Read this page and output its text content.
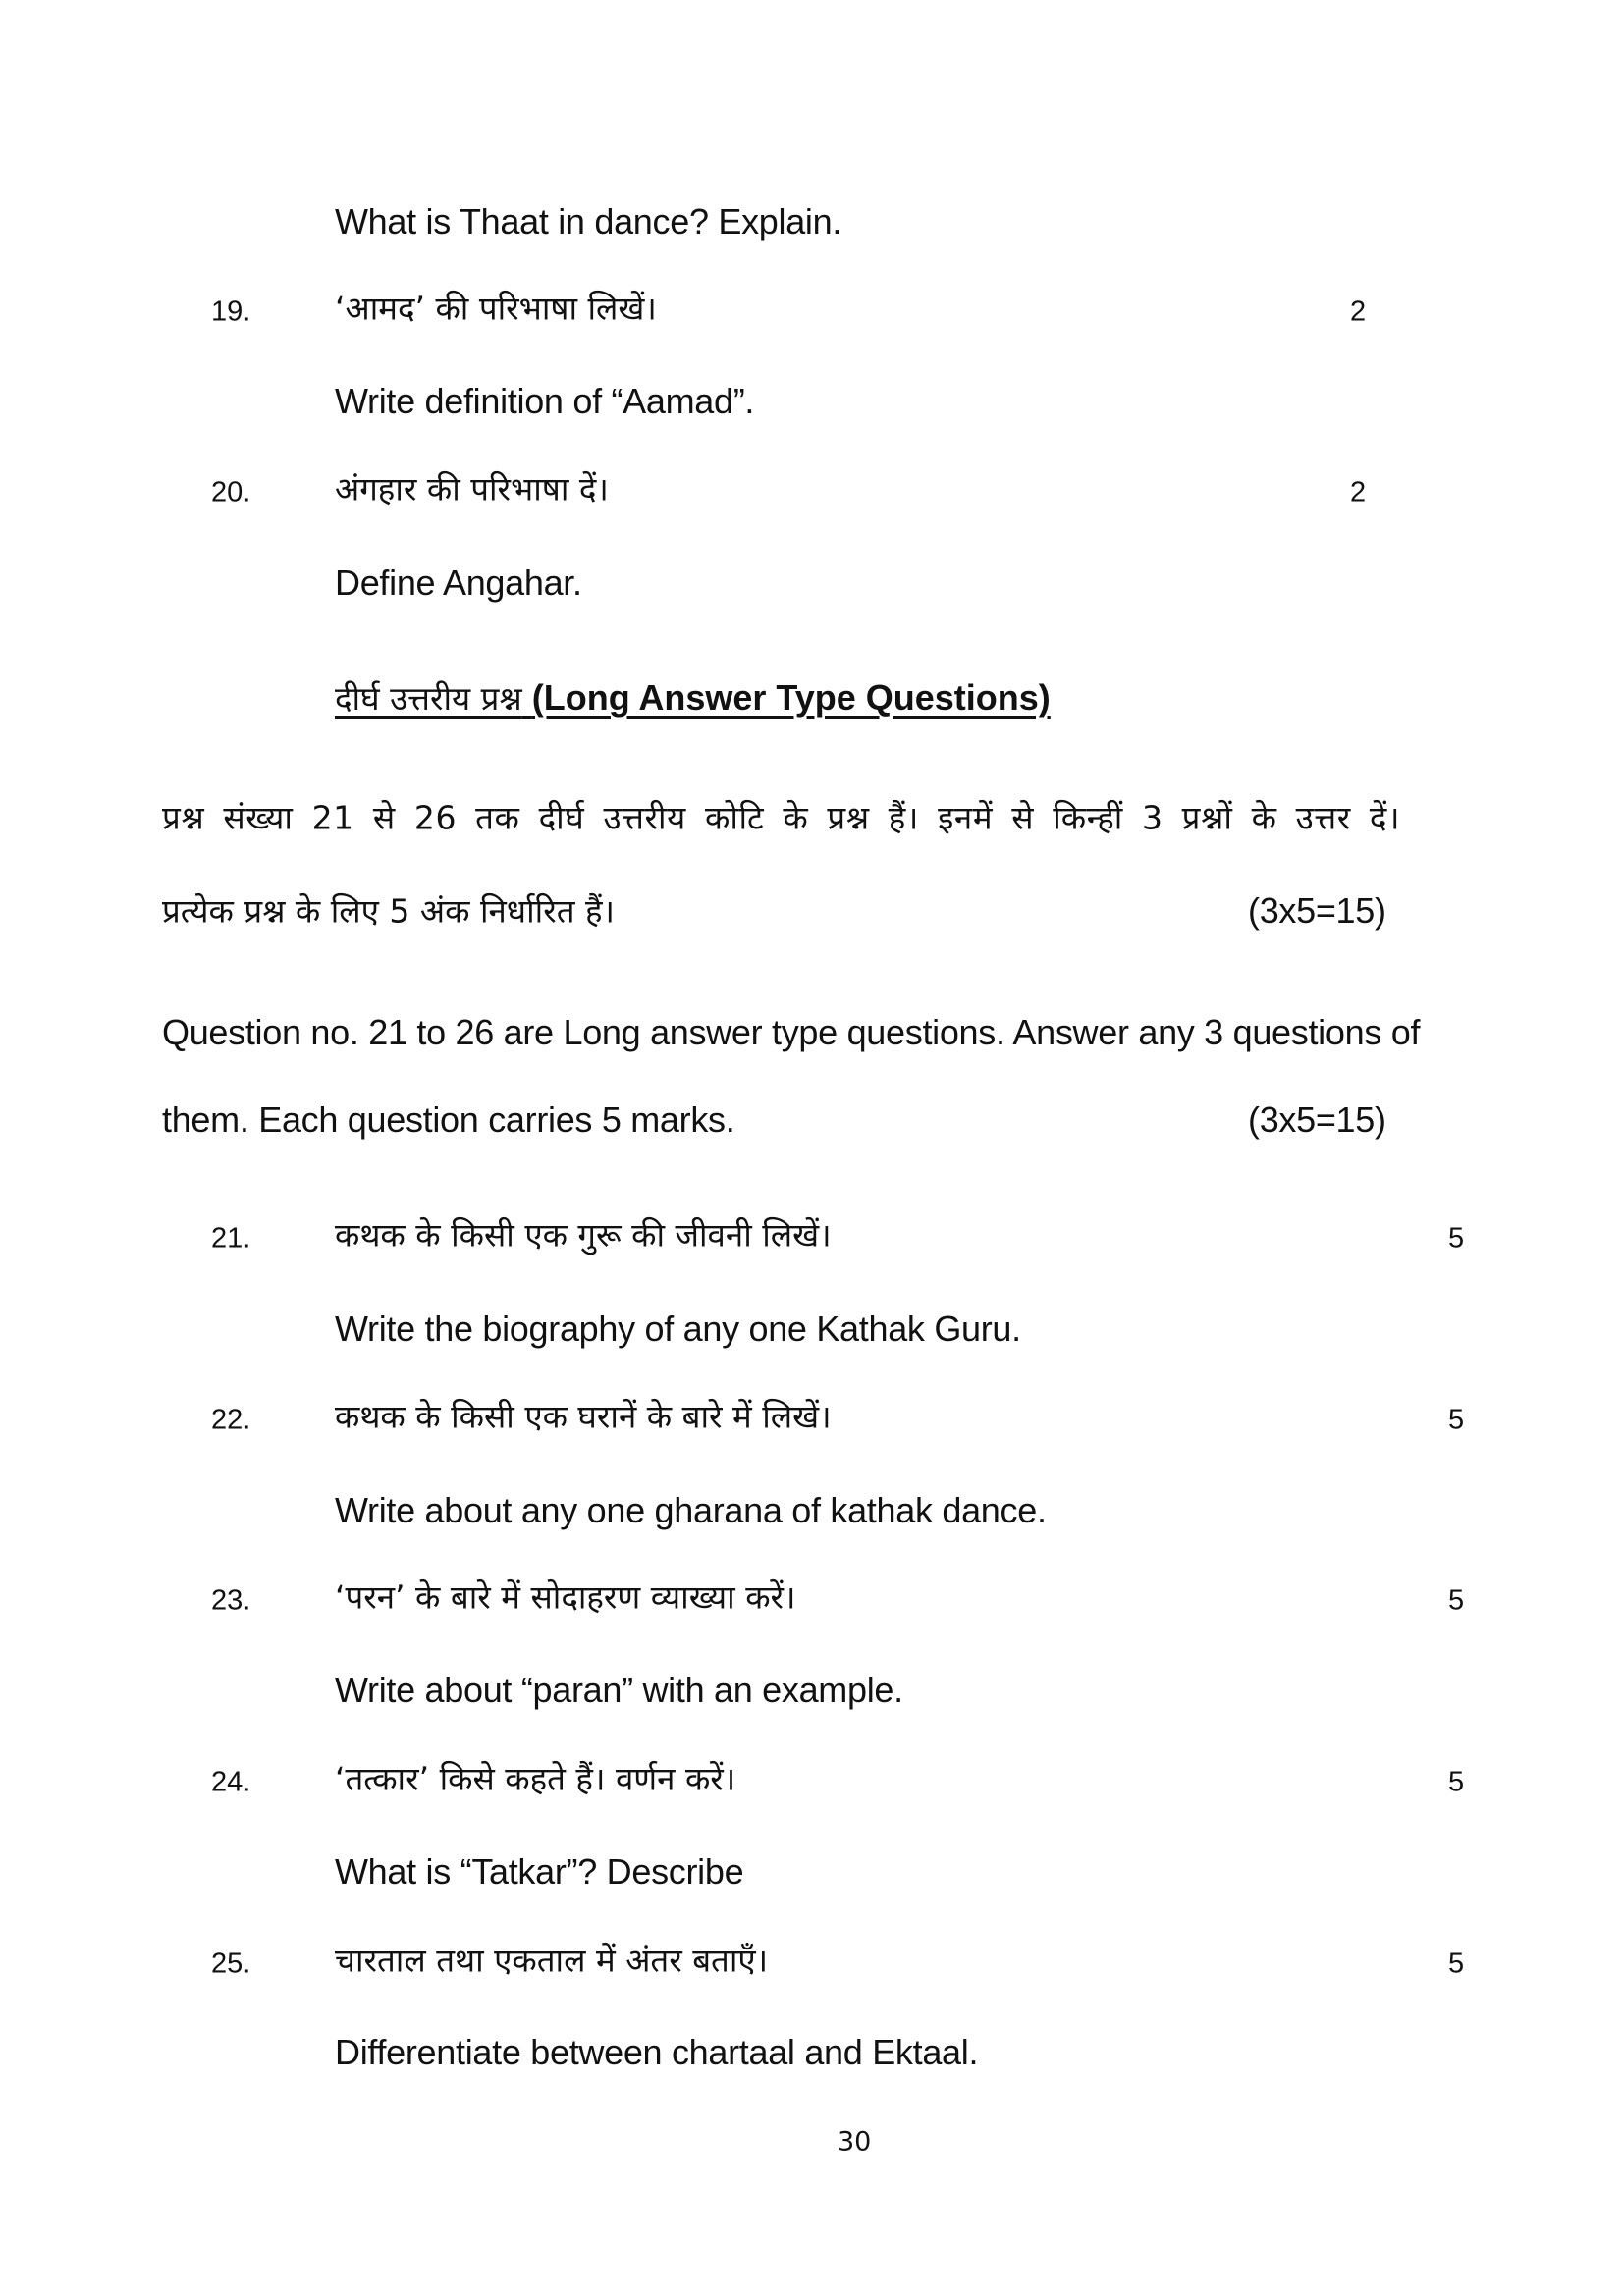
What is Thaat in dance? Explain.
19.	‘आमद’ की परिभाषा लिखें।	2
Write definition of “Aamad”.
20.	अंगहार की परिभाषा दें।	2
Define Angahar.
दीर्घ उत्तरीय प्रश्न (Long Answer Type Questions)
प्रश्न संख्या 21 से 26 तक दीर्घ उत्तरीय कोटि के प्रश्न हैं। इनमें से किन्हीं 3 प्रश्नों के उत्तर दें।
प्रत्येक प्रश्न के लिए 5 अंक निर्धारित हैं।	(3x5=15)
Question no. 21 to 26 are Long answer type questions. Answer any 3 questions of
them. Each question carries 5 marks.	(3x5=15)
21.	कथक के किसी एक गुरू की जीवनी लिखें।	5
Write the biography of any one Kathak Guru.
22.	कथक के किसी एक घरानें के बारे में लिखें।	5
Write about any one gharana of kathak dance.
23.	‘परन’ के बारे में सोदाहरण व्याख्या करें।	5
Write about “paran” with an example.
24.	‘तत्कार’ किसे कहते हैं। वर्णन करें।	5
What is “Tatkar”? Describe
25.	चारताल तथा एकताल में अंतर बताएँ।	5
Differentiate between chartaal and Ektaal.
30
